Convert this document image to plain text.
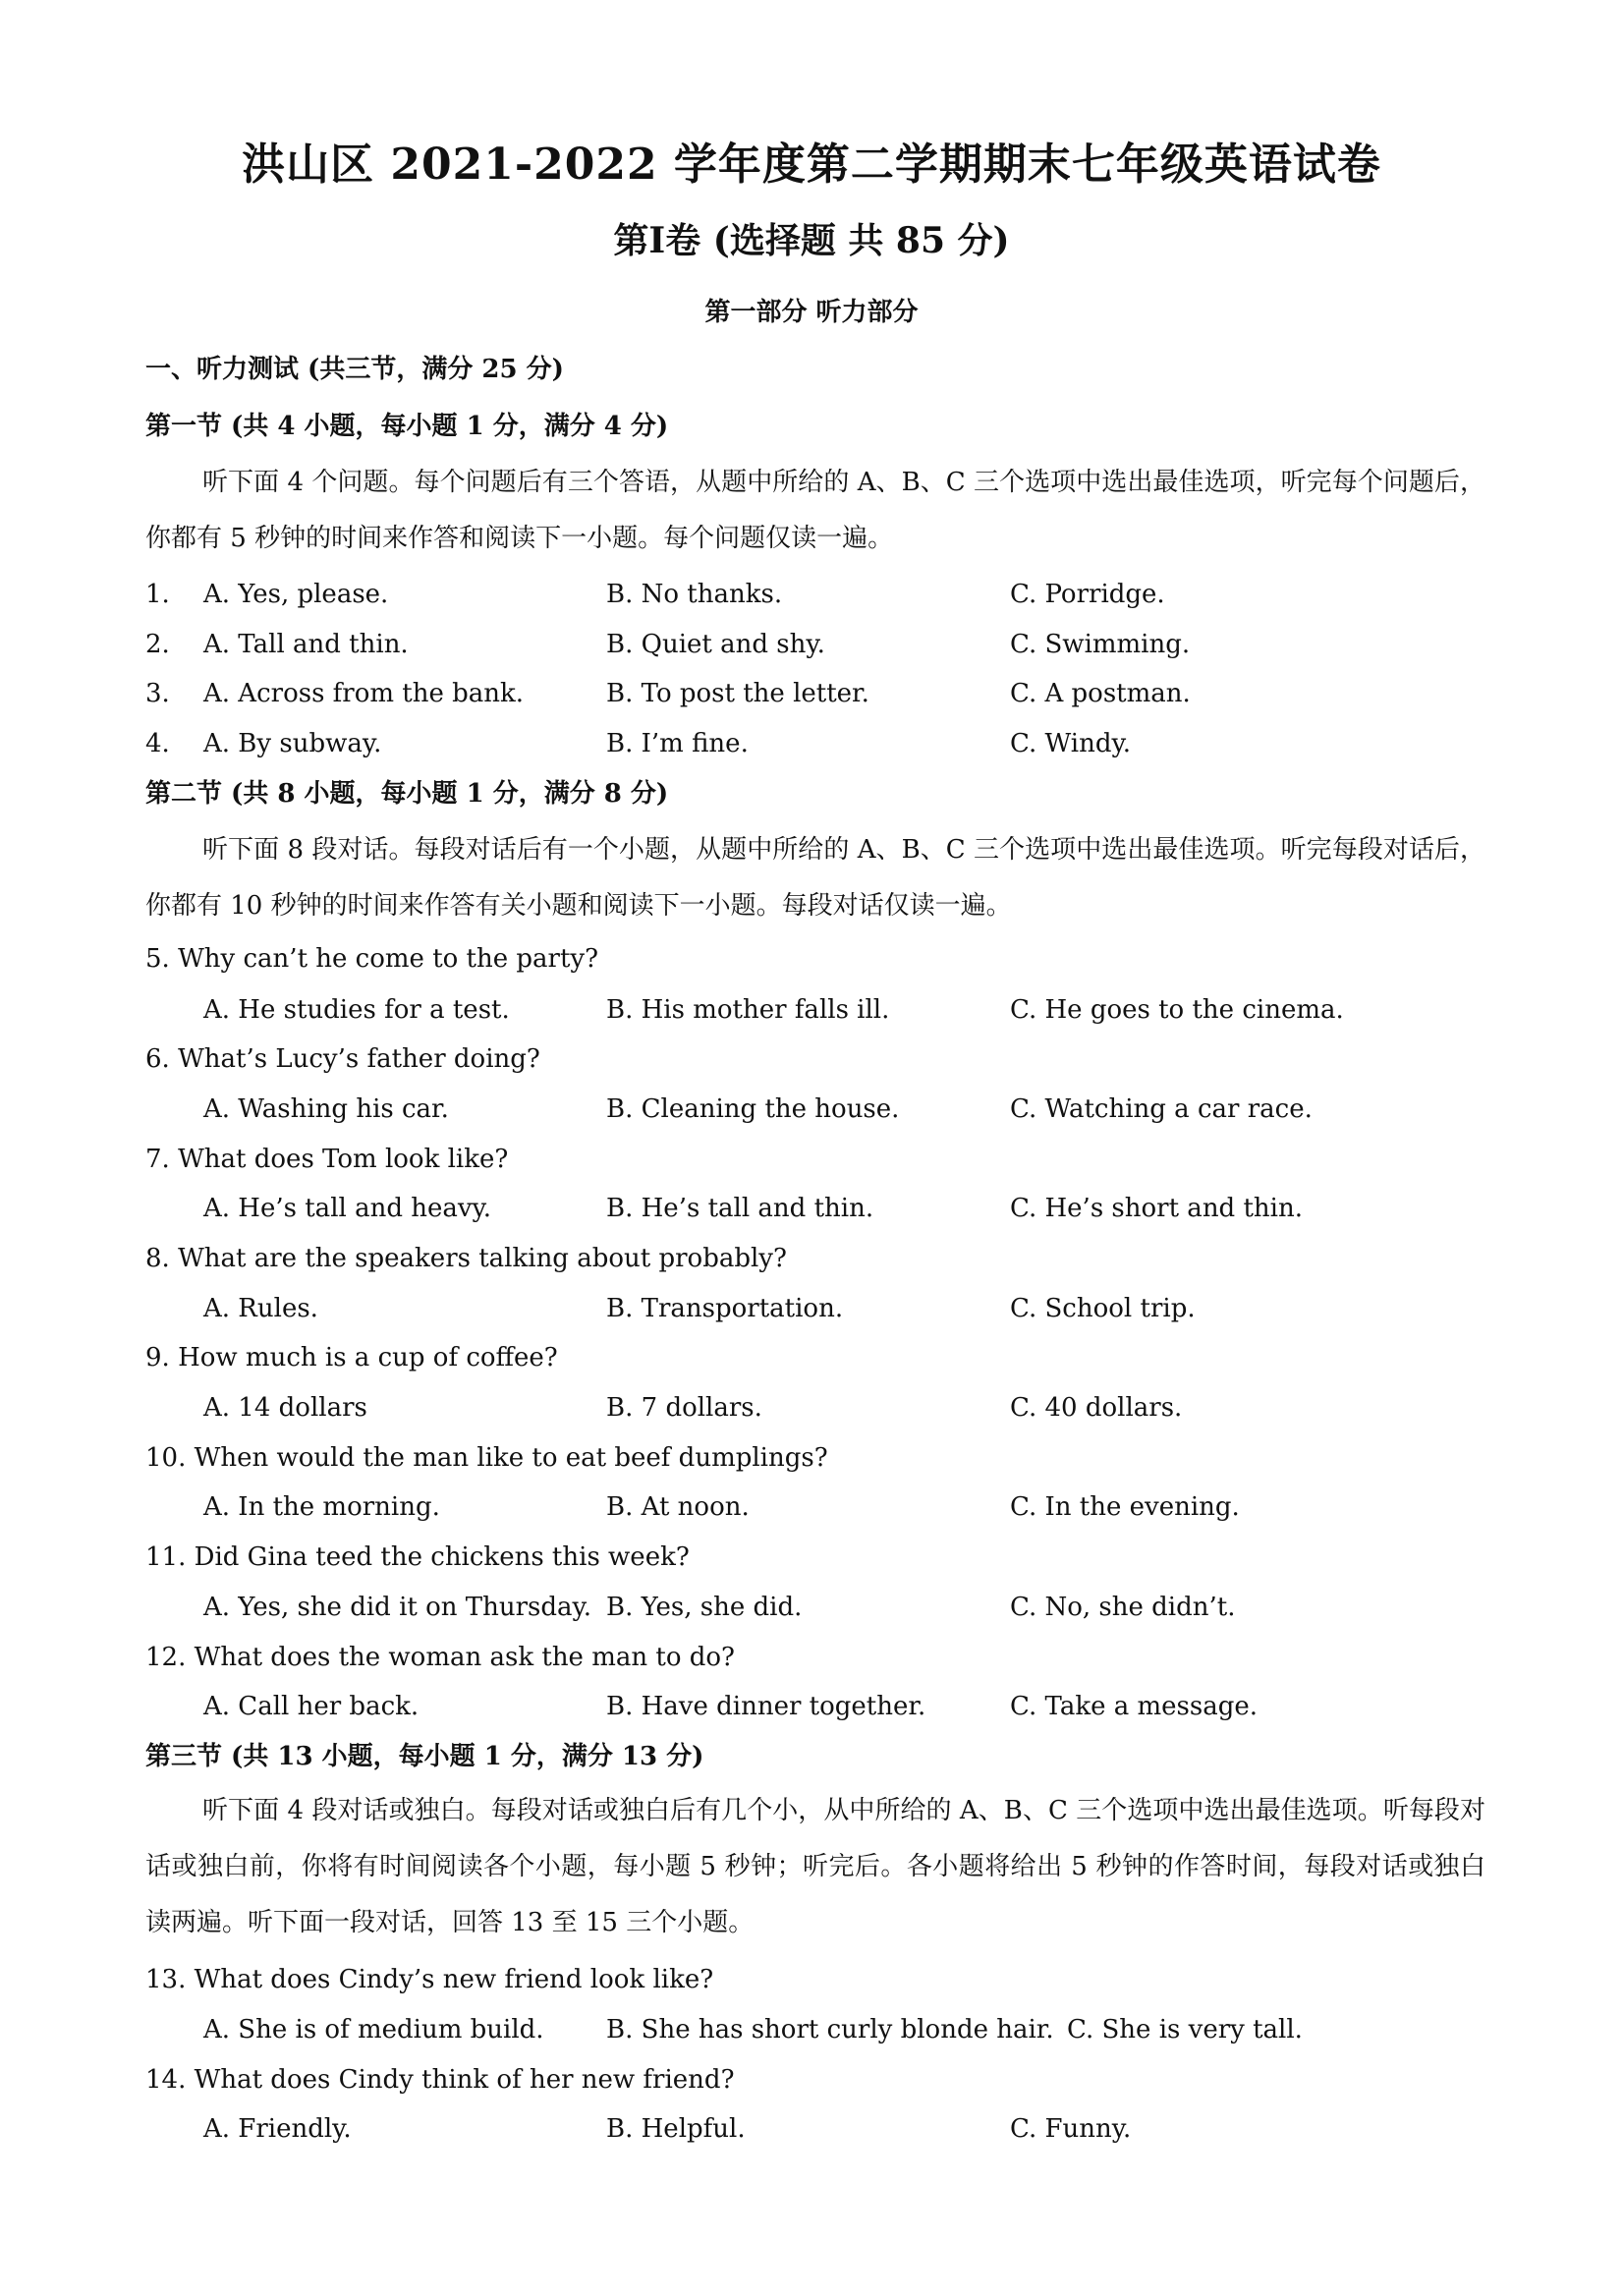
洪山区 2021-2022 学年度第二学期期末七年级英语试卷
第Ⅰ卷 (选择题 共 85 分)
第一部分 听力部分
一、听力测试 (共三节，满分 25 分)
第一节 (共 4 小题，每小题 1 分，满分 4 分)
听下面 4 个问题。每个问题后有三个答语，从题中所给的 A、B、C 三个选项中选出最佳选项，听完每个问题后，你都有 5 秒钟的时间来作答和阅读下一小题。每个问题仅读一遍。
1. A. Yes, please.	B. No thanks.	C. Porridge.
2. A. Tall and thin.	B. Quiet and shy.	C. Swimming.
3. A. Across from the bank.	B. To post the letter.	C. A postman.
4. A. By subway.	B. I’m fine.	C. Windy.
第二节 (共 8 小题，每小题 1 分，满分 8 分)
听下面 8 段对话。每段对话后有一个小题，从题中所给的 A、B、C 三个选项中选出最佳选项。听完每段对话后，你都有 10 秒钟的时间来作答有关小题和阅读下一小题。每段对话仅读一遍。
5. Why can’t he come to the party?
A. He studies for a test.	B. His mother falls ill.	C. He goes to the cinema.
6. What’s Lucy’s father doing?
A. Washing his car.	B. Cleaning the house.	C. Watching a car race.
7. What does Tom look like?
A. He’s tall and heavy.	B. He’s tall and thin.	C. He’s short and thin.
8. What are the speakers talking about probably?
A. Rules.	B. Transportation.	C. School trip.
9. How much is a cup of coffee?
A. 14 dollars	B. 7 dollars.	C. 40 dollars.
10. When would the man like to eat beef dumplings?
A. In the morning.	B. At noon.	C. In the evening.
11. Did Gina teed the chickens this week?
A. Yes, she did it on Thursday. B. Yes, she did.	C. No, she didn’t.
12. What does the woman ask the man to do?
A. Call her back.	B. Have dinner together.	C. Take a message.
第三节 (共 13 小题，每小题 1 分，满分 13 分)
听下面 4 段对话或独白。每段对话或独白后有几个小，从中所给的 A、B、C 三个选项中选出最佳选项。听每段对话或独白前，你将有时间阅读各个小题，每小题 5 秒钟；听完后。各小题将给出 5 秒钟的作答时间，每段对话或独白读两遍。听下面一段对话，回答 13 至 15 三个小题。
13. What does Cindy’s new friend look like?
A. She is of medium build. B. She has short curly blonde hair. C. She is very tall.
14. What does Cindy think of her new friend?
A. Friendly.	B. Helpful.	C. Funny.
